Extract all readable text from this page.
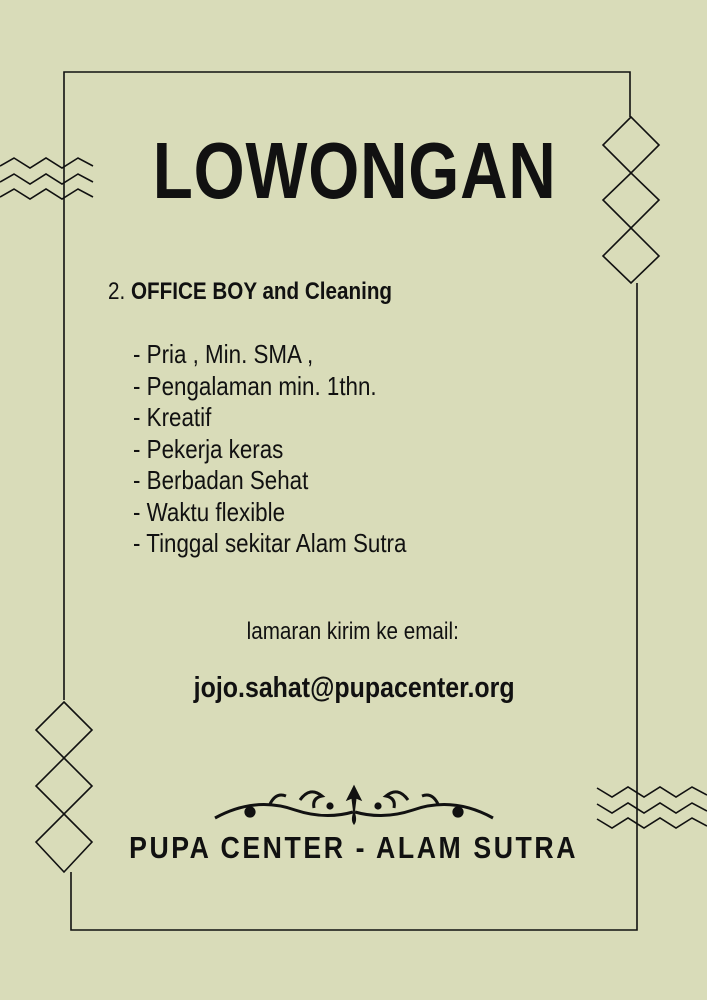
LOWONGAN
2. OFFICE BOY and Cleaning
- Pria , Min. SMA ,
- Pengalaman min. 1thn.
- Kreatif
- Pekerja keras
- Berbadan Sehat
- Waktu flexible
- Tinggal sekitar Alam Sutra
lamaran kirim ke email:
jojo.sahat@pupacenter.org
PUPA CENTER - ALAM SUTRA
